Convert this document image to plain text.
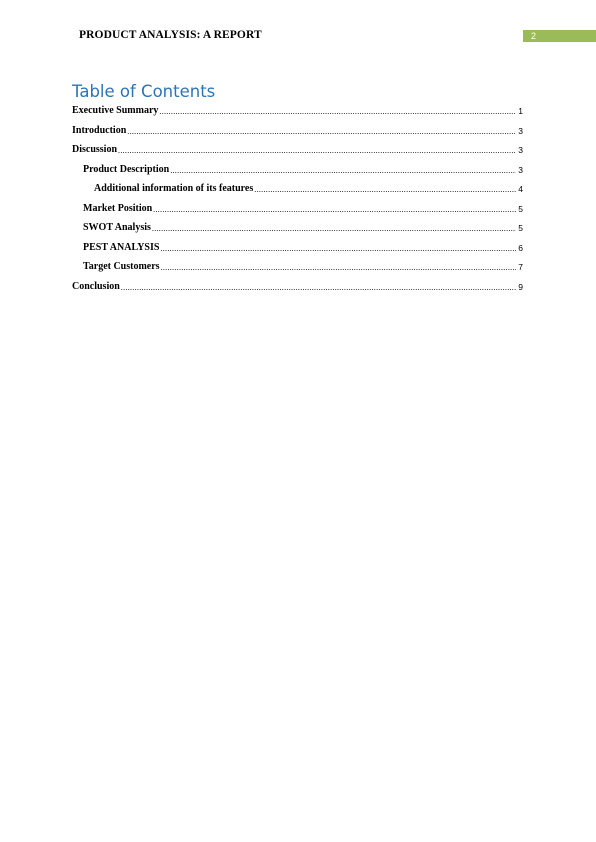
PRODUCT ANALYSIS: A REPORT	2
Table of Contents
Executive Summary .....	1
Introduction .....	3
Discussion .....	3
Product Description .....	3
Additional information of its features .....	4
Market Position .....	5
SWOT Analysis .....	5
PEST ANALYSIS .....	6
Target Customers .....	7
Conclusion .....	9
